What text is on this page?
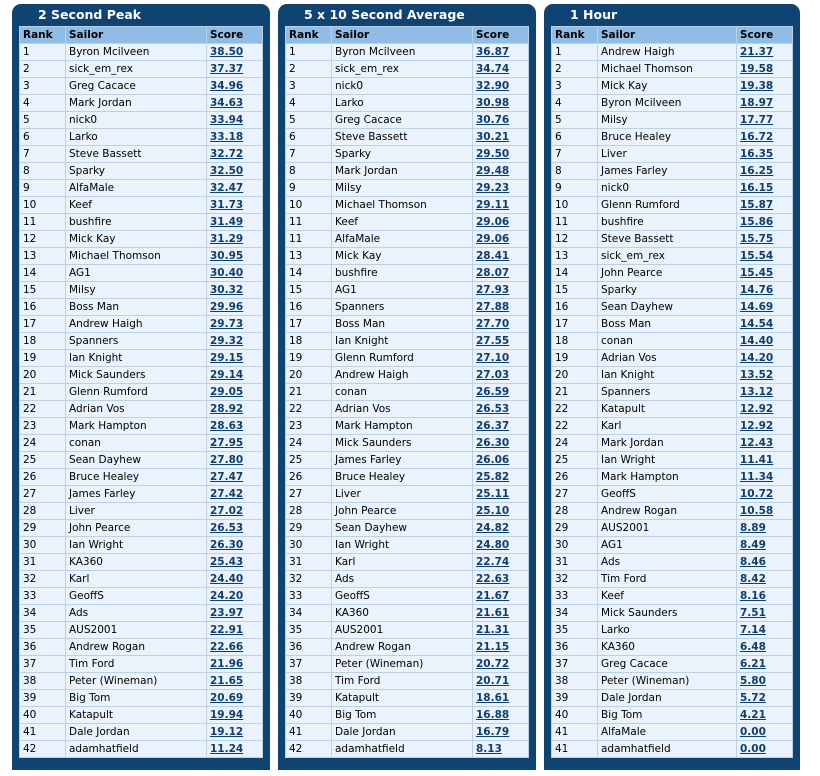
2 Second Peak
Rank	Sailor	Score
1	Byron Mcilveen	38.50
2	sick_em_rex	37.37
3	Greg Cacace	34.96
4	Mark Jordan	34.63
5	nick0	33.94
6	Larko	33.18
7	Steve Bassett	32.72
8	Sparky	32.50
9	AlfaMale	32.47
10	Keef	31.73
11	bushfire	31.49
12	Mick Kay	31.29
13	Michael Thomson	30.95
14	AG1	30.40
15	Milsy	30.32
16	Boss Man	29.96
17	Andrew Haigh	29.73
18	Spanners	29.32
19	Ian Knight	29.15
20	Mick Saunders	29.14
21	Glenn Rumford	29.05
22	Adrian Vos	28.92
23	Mark Hampton	28.63
24	conan	27.95
25	Sean Dayhew	27.80
26	Bruce Healey	27.47
27	James Farley	27.42
28	Liver	27.02
29	John Pearce	26.53
30	Ian Wright	26.30
31	KA360	25.43
32	Karl	24.40
33	GeoffS	24.20
34	Ads	23.97
35	AUS2001	22.91
36	Andrew Rogan	22.66
37	Tim Ford	21.96
38	Peter (Wineman)	21.65
39	Big Tom	20.69
40	Katapult	19.94
41	Dale Jordan	19.12
42	adamhatfield	11.24
5 x 10 Second Average
Rank	Sailor	Score
1	Byron Mcilveen	36.87
2	sick_em_rex	34.74
3	nick0	32.90
4	Larko	30.98
5	Greg Cacace	30.76
6	Steve Bassett	30.21
7	Sparky	29.50
8	Mark Jordan	29.48
9	Milsy	29.23
10	Michael Thomson	29.11
11	Keef	29.06
11	AlfaMale	29.06
13	Mick Kay	28.41
14	bushfire	28.07
15	AG1	27.93
16	Spanners	27.88
17	Boss Man	27.70
18	Ian Knight	27.55
19	Glenn Rumford	27.10
20	Andrew Haigh	27.03
21	conan	26.59
22	Adrian Vos	26.53
23	Mark Hampton	26.37
24	Mick Saunders	26.30
25	James Farley	26.06
26	Bruce Healey	25.82
27	Liver	25.11
28	John Pearce	25.10
29	Sean Dayhew	24.82
30	Ian Wright	24.80
31	Karl	22.74
32	Ads	22.63
33	GeoffS	21.67
34	KA360	21.61
35	AUS2001	21.31
36	Andrew Rogan	21.15
37	Peter (Wineman)	20.72
38	Tim Ford	20.71
39	Katapult	18.61
40	Big Tom	16.88
41	Dale Jordan	16.79
42	adamhatfield	8.13
1 Hour
Rank	Sailor	Score
1	Andrew Haigh	21.37
2	Michael Thomson	19.58
3	Mick Kay	19.38
4	Byron Mcilveen	18.97
5	Milsy	17.77
6	Bruce Healey	16.72
7	Liver	16.35
8	James Farley	16.25
9	nick0	16.15
10	Glenn Rumford	15.87
11	bushfire	15.86
12	Steve Bassett	15.75
13	sick_em_rex	15.54
14	John Pearce	15.45
15	Sparky	14.76
16	Sean Dayhew	14.69
17	Boss Man	14.54
18	conan	14.40
19	Adrian Vos	14.20
20	Ian Knight	13.52
21	Spanners	13.12
22	Katapult	12.92
22	Karl	12.92
24	Mark Jordan	12.43
25	Ian Wright	11.41
26	Mark Hampton	11.34
27	GeoffS	10.72
28	Andrew Rogan	10.58
29	AUS2001	8.89
30	AG1	8.49
31	Ads	8.46
32	Tim Ford	8.42
33	Keef	8.16
34	Mick Saunders	7.51
35	Larko	7.14
36	KA360	6.48
37	Greg Cacace	6.21
38	Peter (Wineman)	5.80
39	Dale Jordan	5.72
40	Big Tom	4.21
41	AlfaMale	0.00
41	adamhatfield	0.00
